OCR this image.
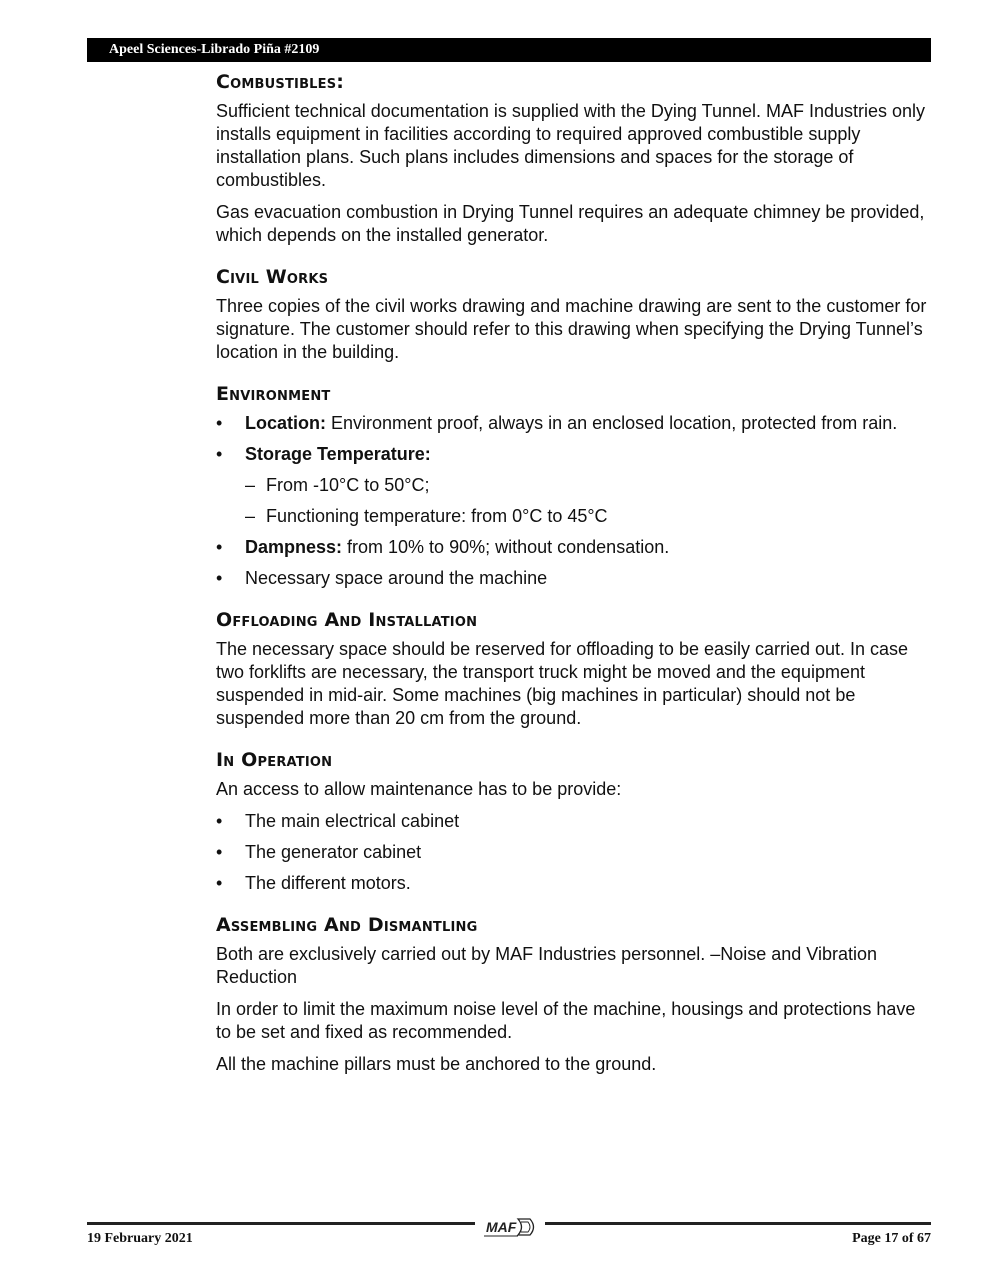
Apeel Sciences-Librado Piña #2109
Combustibles:

Sufficient technical documentation is supplied with the Dying Tunnel. MAF Industries only installs equipment in facilities according to required approved combustible supply installation plans. Such plans includes dimensions and spaces for the storage of combustibles.

Gas evacuation combustion in Drying Tunnel requires an adequate chimney be provided, which depends on the installed generator.

Civil Works

Three copies of the civil works drawing and machine drawing are sent to the customer for signature. The customer should refer to this drawing when specifying the Drying Tunnel’s location in the building.

Environment
• Location: Environment proof, always in an enclosed location, protected from rain.
• Storage Temperature:
– From -10°C to 50°C;
– Functioning temperature: from 0°C to 45°C
• Dampness: from 10% to 90%; without condensation.
• Necessary space around the machine
Offloading And Installation

The necessary space should be reserved for offloading to be easily carried out. In case two forklifts are necessary, the transport truck might be moved and the equipment suspended in mid-air. Some machines (big machines in particular) should not be suspended more than 20 cm from the ground.

In Operation

An access to allow maintenance has to be provide:

• The main electrical cabinet
• The generator cabinet
• The different motors.
Assembling And Dismantling

Both are exclusively carried out by MAF Industries personnel. –Noise and Vibration Reduction

In order to limit the maximum noise level of the machine, housings and protections have to be set and fixed as recommended.

All the machine pillars must be anchored to the ground.

MAF
19 February 2021	Page 17 of 67
